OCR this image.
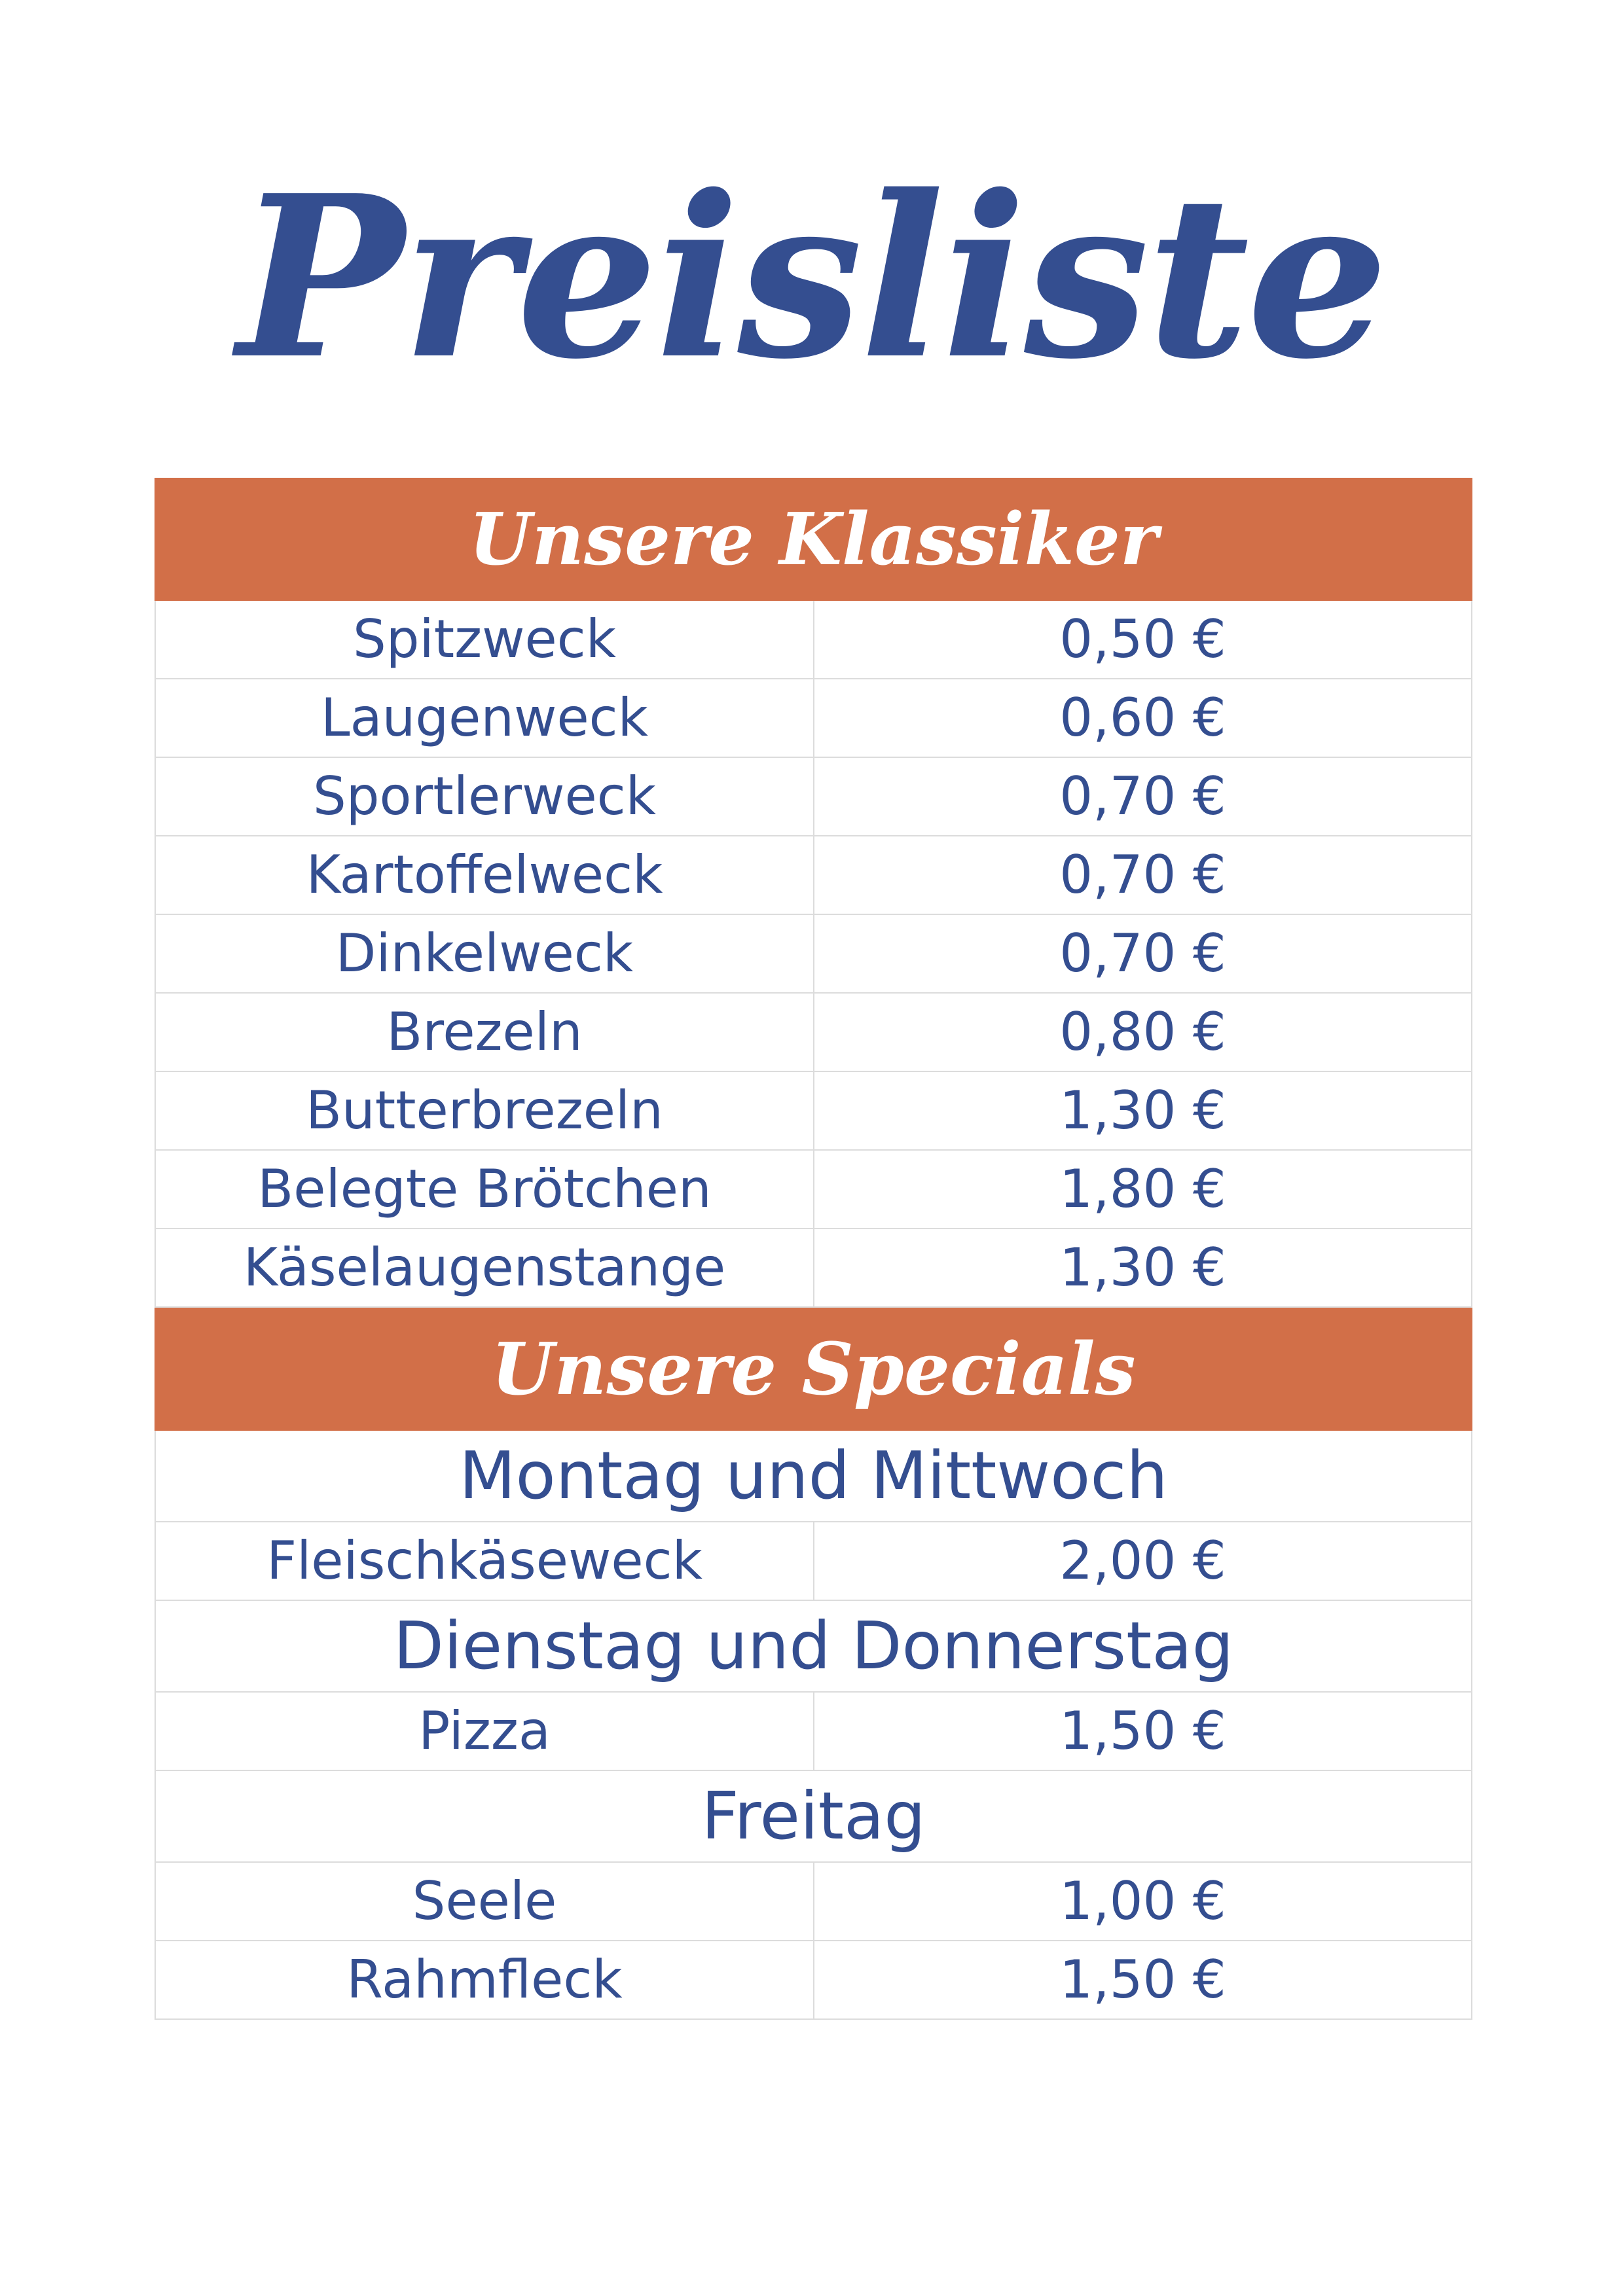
Preisliste
Unsere Klassiker
Spitzweck	0,50 €
Laugenweck	0,60 €
Sportlerweck	0,70 €
Kartoffelweck	0,70 €
Dinkelweck	0,70 €
Brezeln	0,80 €
Butterbrezeln	1,30 €
Belegte Brötchen	1,80 €
Käselaugenstange	1,30 €
Unsere Specials
Montag und Mittwoch
Fleischkäseweck	2,00 €
Dienstag und Donnerstag
Pizza	1,50 €
Freitag
Seele	1,00 €
Rahmfleck	1,50 €
